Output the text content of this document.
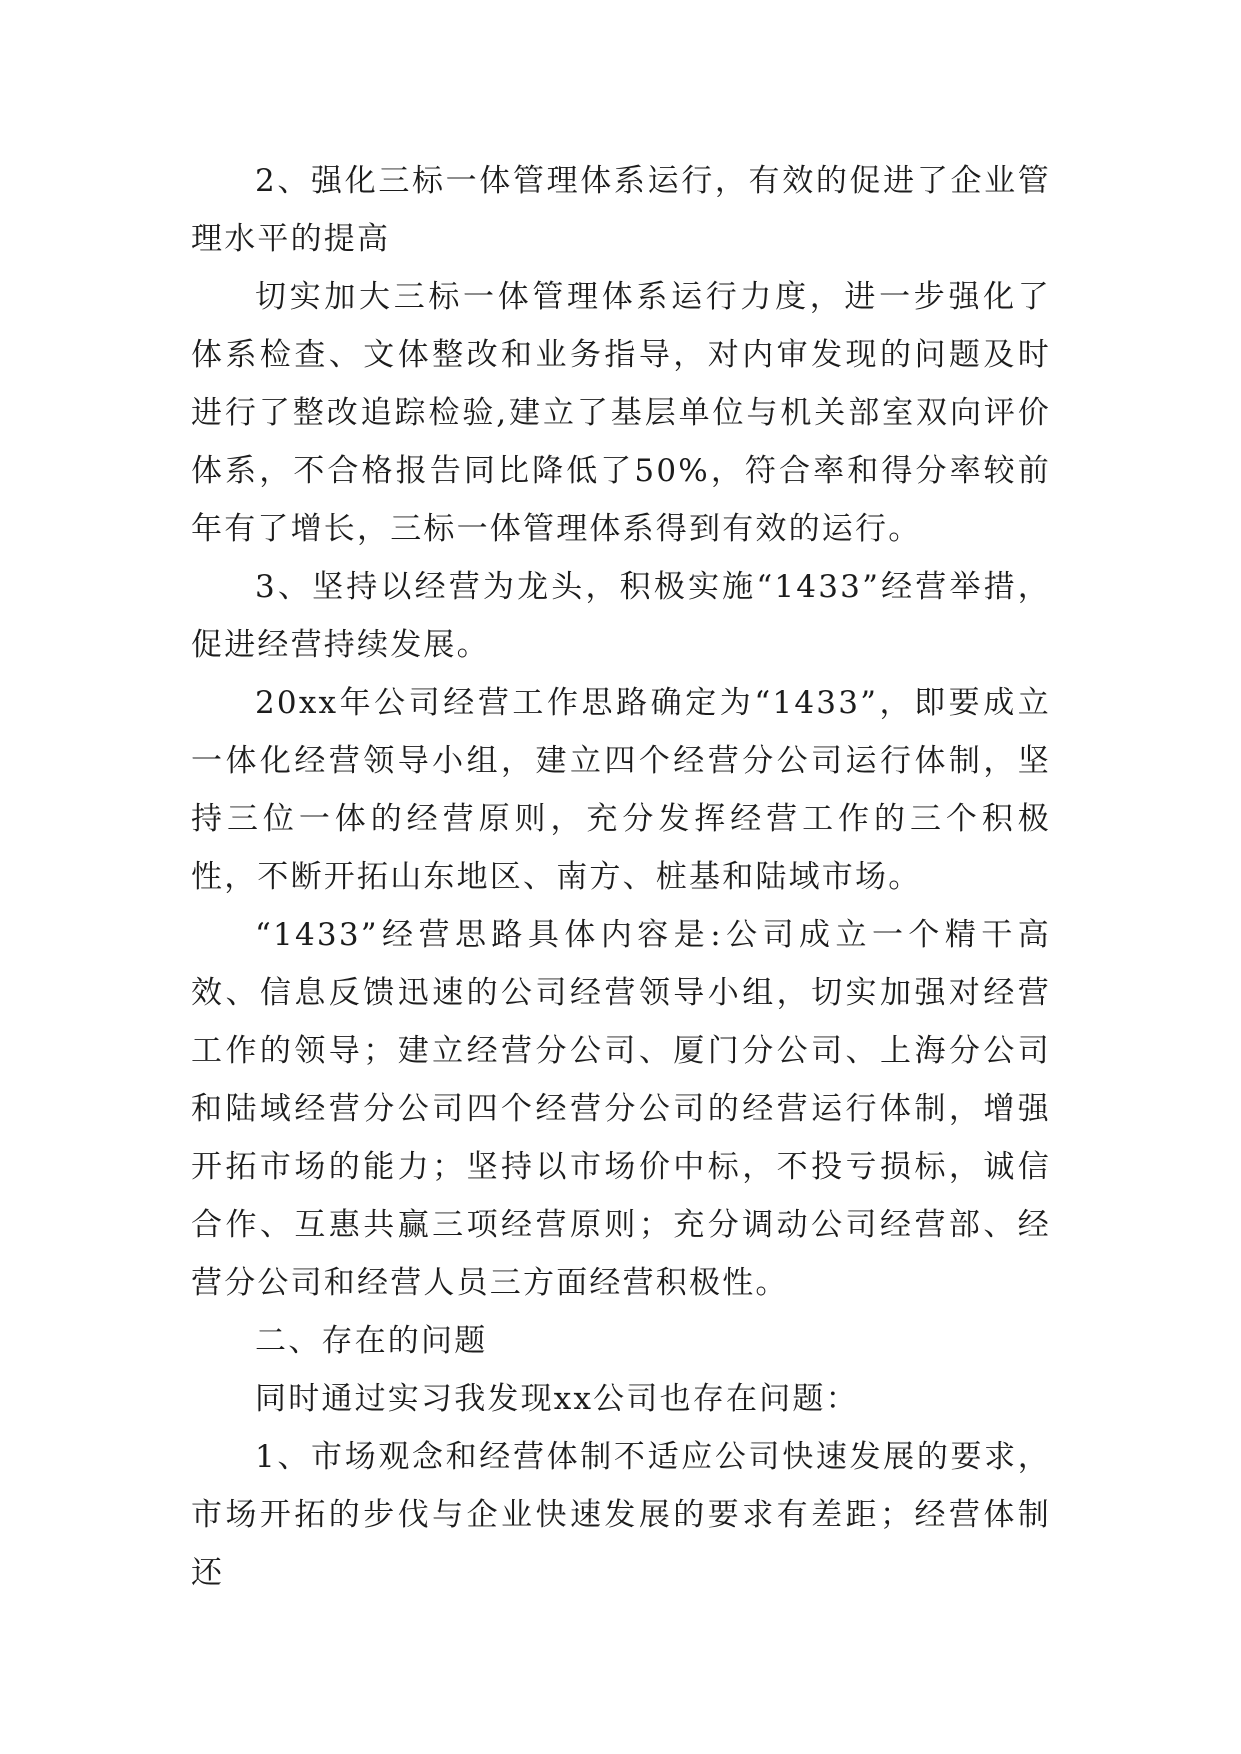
2、强化三标一体管理体系运行，有效的促进了企业管理水平的提高

切实加大三标一体管理体系运行力度，进一步强化了体系检查、文体整改和业务指导，对内审发现的问题及时进行了整改追踪检验,建立了基层单位与机关部室双向评价体系，不合格报告同比降低了50%，符合率和得分率较前年有了增长，三标一体管理体系得到有效的运行。

3、坚持以经营为龙头，积极实施“1433”经营举措，促进经营持续发展。

20xx年公司经营工作思路确定为“1433”，即要成立一体化经营领导小组，建立四个经营分公司运行体制，坚持三位一体的经营原则，充分发挥经营工作的三个积极性，不断开拓山东地区、南方、桩基和陆域市场。

“1433”经营思路具体内容是:公司成立一个精干高效、信息反馈迅速的公司经营领导小组，切实加强对经营工作的领导；建立经营分公司、厦门分公司、上海分公司和陆域经营分公司四个经营分公司的经营运行体制，增强开拓市场的能力；坚持以市场价中标，不投亏损标，诚信合作、互惠共赢三项经营原则；充分调动公司经营部、经营分公司和经营人员三方面经营积极性。

二、存在的问题

同时通过实习我发现xx公司也存在问题：

1、市场观念和经营体制不适应公司快速发展的要求，市场开拓的步伐与企业快速发展的要求有差距；经营体制还
